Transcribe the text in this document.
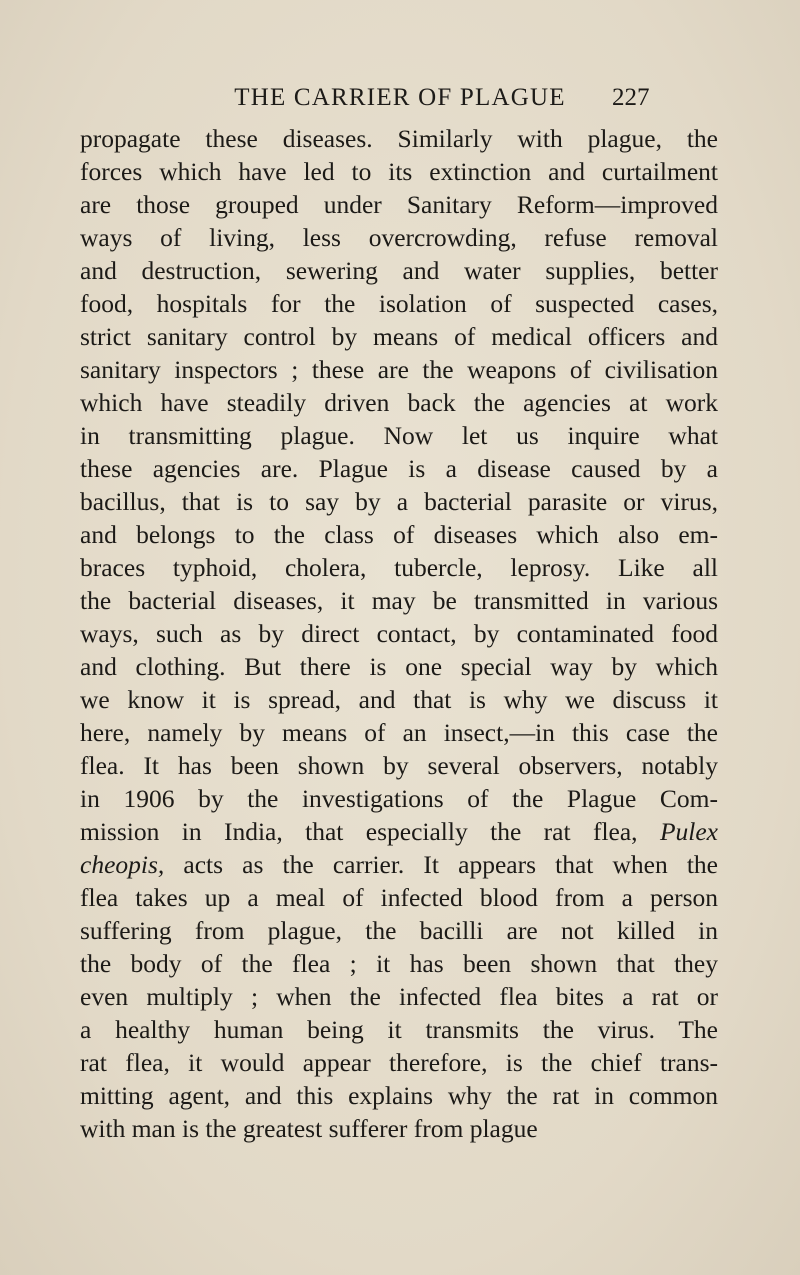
THE CARRIER OF PLAGUE	227
propagate these diseases. Similarly with plague, the
forces which have led to its extinction and curtailment
are those grouped under Sanitary Reform—improved
ways of living, less overcrowding, refuse removal
and destruction, sewering and water supplies, better
food, hospitals for the isolation of suspected cases,
strict sanitary control by means of medical officers and
sanitary inspectors ; these are the weapons of civilisation
which have steadily driven back the agencies at work
in transmitting plague. Now let us inquire what
these agencies are. Plague is a disease caused by a
bacillus, that is to say by a bacterial parasite or virus,
and belongs to the class of diseases which also em-
braces typhoid, cholera, tubercle, leprosy. Like all
the bacterial diseases, it may be transmitted in various
ways, such as by direct contact, by contaminated food
and clothing. But there is one special way by which
we know it is spread, and that is why we discuss it
here, namely by means of an insect,—in this case the
flea. It has been shown by several observers, notably
in 1906 by the investigations of the Plague Com-
mission in India, that especially the rat flea, Pulex
cheopis, acts as the carrier. It appears that when the
flea takes up a meal of infected blood from a person
suffering from plague, the bacilli are not killed in
the body of the flea ; it has been shown that they
even multiply ; when the infected flea bites a rat or
a healthy human being it transmits the virus. The
rat flea, it would appear therefore, is the chief trans-
mitting agent, and this explains why the rat in common
with man is the greatest sufferer from plague
